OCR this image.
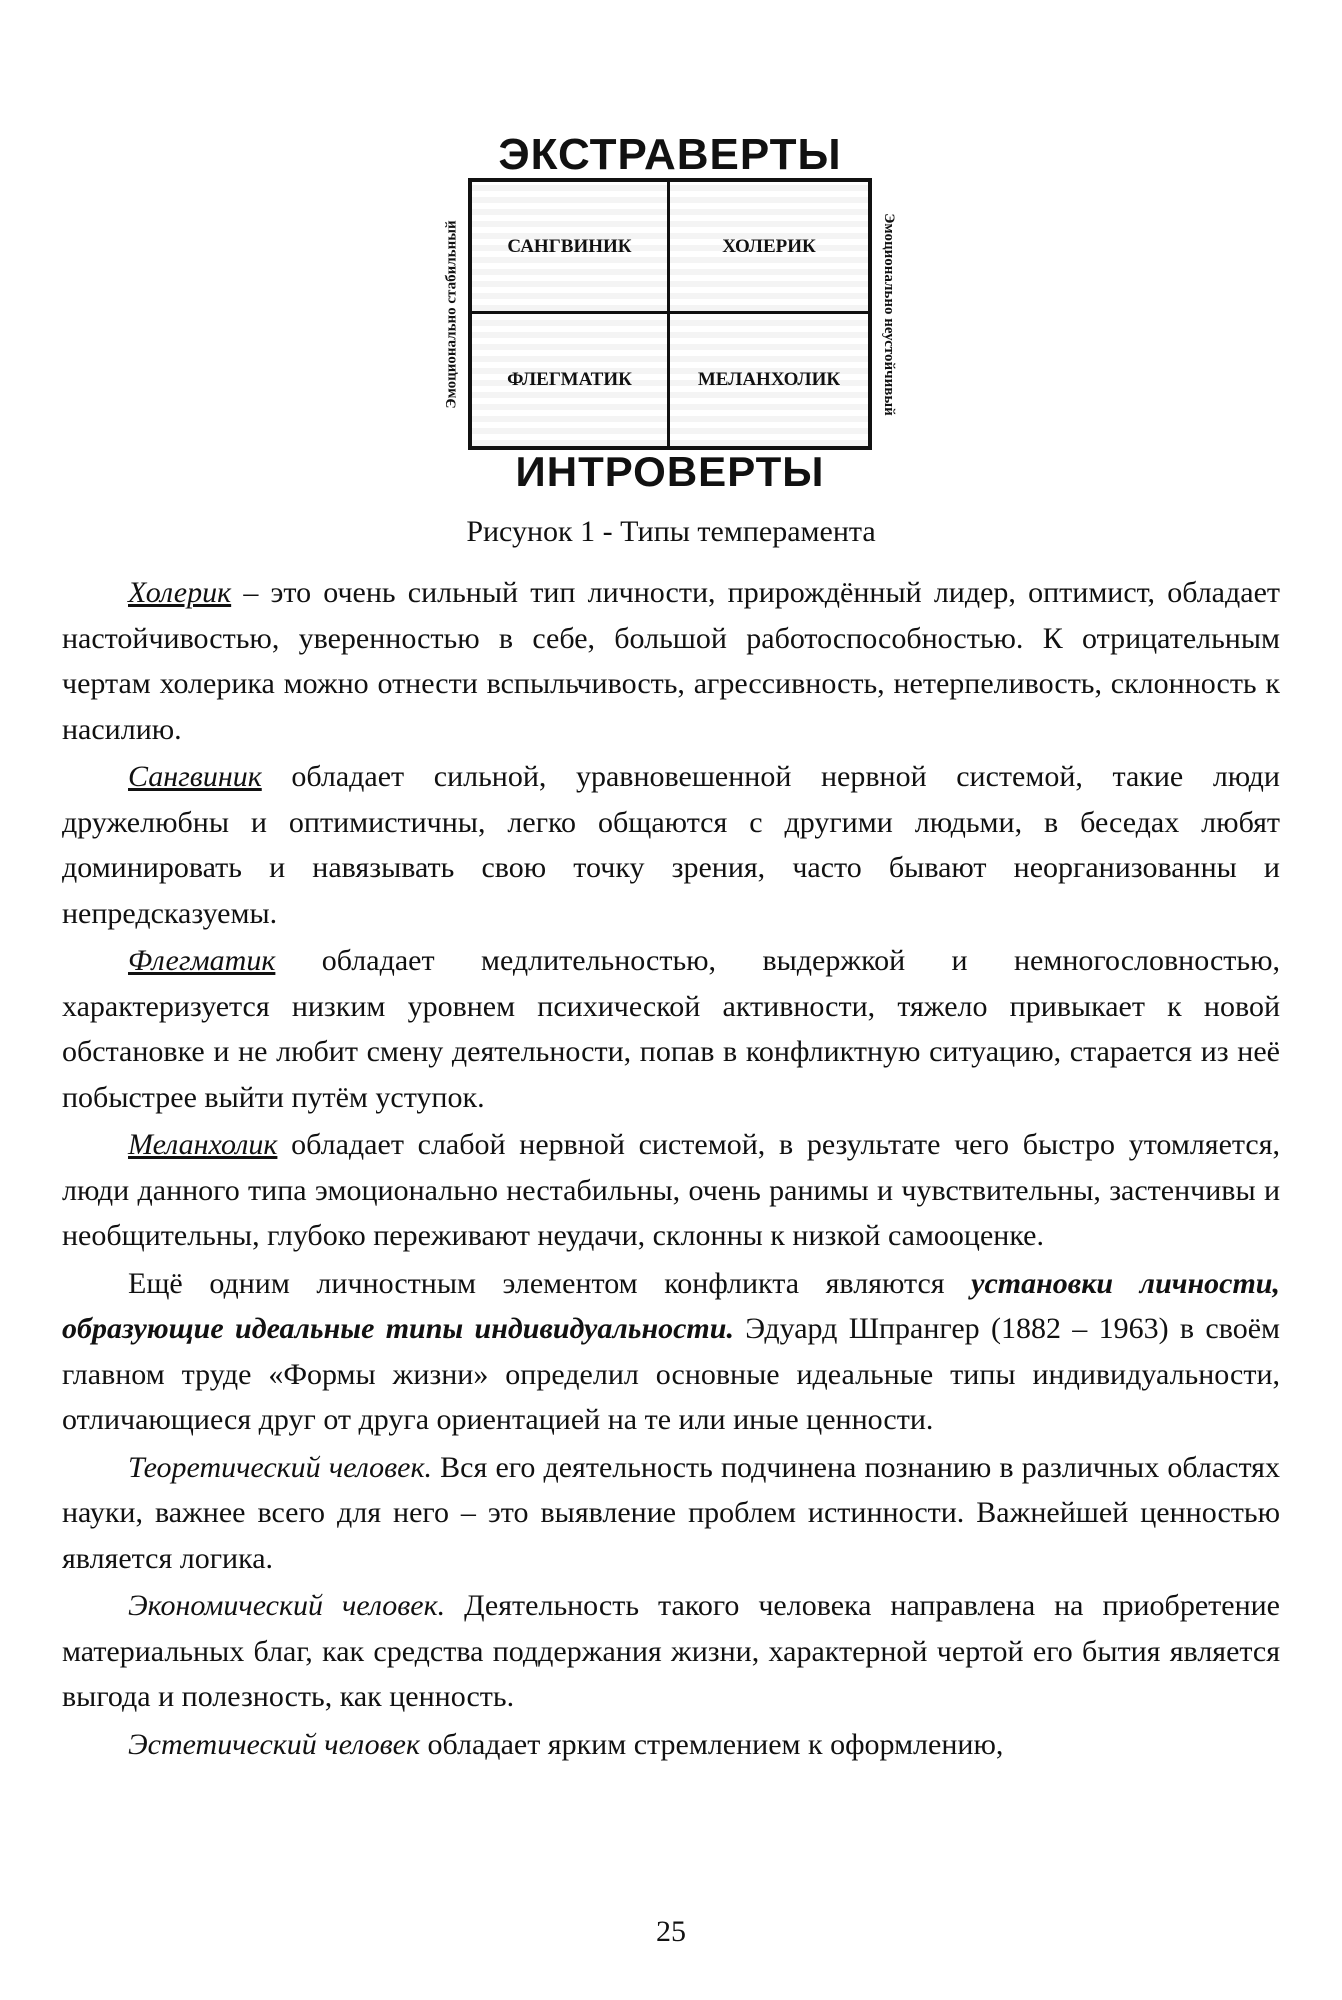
ЭКСТРАВЕРТЫ
Эмоционально стабильный	САНГВИНИК	ХОЛЕРИК
ФЛЕГМАТИК	МЕЛАНХОЛИК	Эмоционально неустойчивый
ИНТРОВЕРТЫ
Рисунок 1 - Типы темперамента

Холерик – это очень сильный тип личности, прирождённый лидер, оптимист, обладает настойчивостью, уверенностью в себе, большой работоспособностью. К отрицательным чертам холерика можно отнести вспыльчивость, агрессивность, нетерпеливость, склонность к насилию.

Сангвиник обладает сильной, уравновешенной нервной системой, такие люди дружелюбны и оптимистичны, легко общаются с другими людьми, в беседах любят доминировать и навязывать свою точку зрения, часто бывают неорганизованны и непредсказуемы.

Флегматик обладает медлительностью, выдержкой и немногословностью, характеризуется низким уровнем психической активности, тяжело привыкает к новой обстановке и не любит смену деятельности, попав в конфликтную ситуацию, старается из неё побыстрее выйти путём уступок.

Меланхолик обладает слабой нервной системой, в результате чего быстро утомляется, люди данного типа эмоционально нестабильны, очень ранимы и чувствительны, застенчивы и необщительны, глубоко переживают неудачи, склонны к низкой самооценке.

Ещё одним личностным элементом конфликта являются установки личности, образующие идеальные типы индивидуальности. Эдуард Шпрангер (1882 – 1963) в своём главном труде «Формы жизни» определил основные идеальные типы индивидуальности, отличающиеся друг от друга ориентацией на те или иные ценности.

Теоретический человек. Вся его деятельность подчинена познанию в различных областях науки, важнее всего для него – это выявление проблем истинности. Важнейшей ценностью является логика.

Экономический человек. Деятельность такого человека направлена на приобретение материальных благ, как средства поддержания жизни, характерной чертой его бытия является выгода и полезность, как ценность.

Эстетический человек обладает ярким стремлением к оформлению,

25
